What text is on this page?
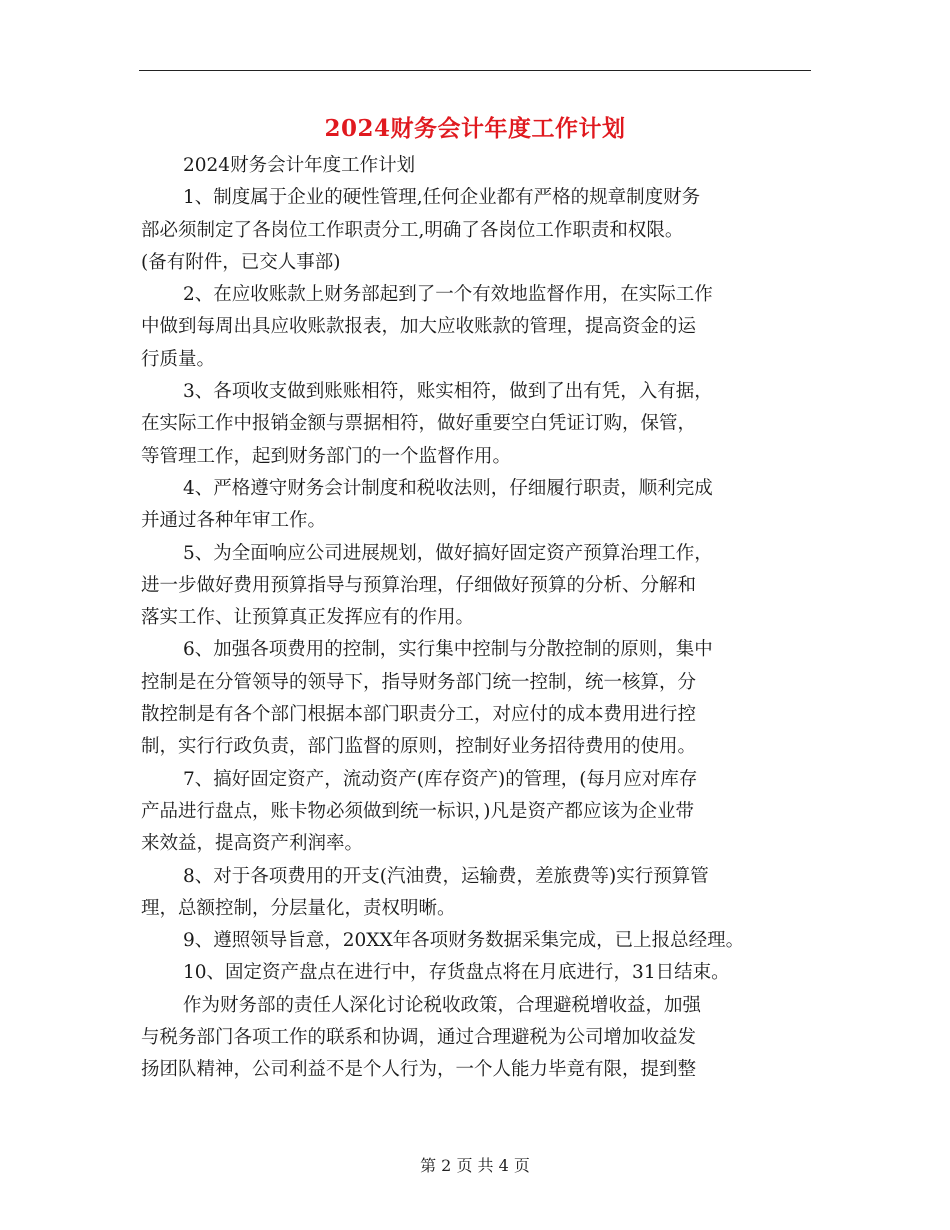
2024财务会计年度工作计划
2024财务会计年度工作计划
1、制度属于企业的硬性管理,任何企业都有严格的规章制度财务
部必须制定了各岗位工作职责分工,明确了各岗位工作职责和权限。
(备有附件，已交人事部)
2、在应收账款上财务部起到了一个有效地监督作用，在实际工作
中做到每周出具应收账款报表，加大应收账款的管理，提高资金的运
行质量。
3、各项收支做到账账相符，账实相符，做到了出有凭，入有据，
在实际工作中报销金额与票据相符，做好重要空白凭证订购，保管，
等管理工作，起到财务部门的一个监督作用。
4、严格遵守财务会计制度和税收法则，仔细履行职责，顺利完成
并通过各种年审工作。
5、为全面响应公司进展规划，做好搞好固定资产预算治理工作，
进一步做好费用预算指导与预算治理，仔细做好预算的分析、分解和
落实工作、让预算真正发挥应有的作用。
6、加强各项费用的控制，实行集中控制与分散控制的原则，集中
控制是在分管领导的领导下，指导财务部门统一控制，统一核算，分
散控制是有各个部门根据本部门职责分工，对应付的成本费用进行控
制，实行行政负责，部门监督的原则，控制好业务招待费用的使用。
7、搞好固定资产，流动资产(库存资产)的管理，(每月应对库存
产品进行盘点，账卡物必须做到统一标识，)凡是资产都应该为企业带
来效益，提高资产利润率。
8、对于各项费用的开支(汽油费，运输费，差旅费等)实行预算管
理，总额控制，分层量化，责权明晰。
9、遵照领导旨意，20XX年各项财务数据采集完成，已上报总经理。
10、固定资产盘点在进行中，存货盘点将在月底进行，31日结束。
作为财务部的责任人深化讨论税收政策，合理避税增收益，加强
与税务部门各项工作的联系和协调，通过合理避税为公司增加收益发
扬团队精神，公司利益不是个人行为，一个人能力毕竟有限，提到整
第 2 页 共 4 页
